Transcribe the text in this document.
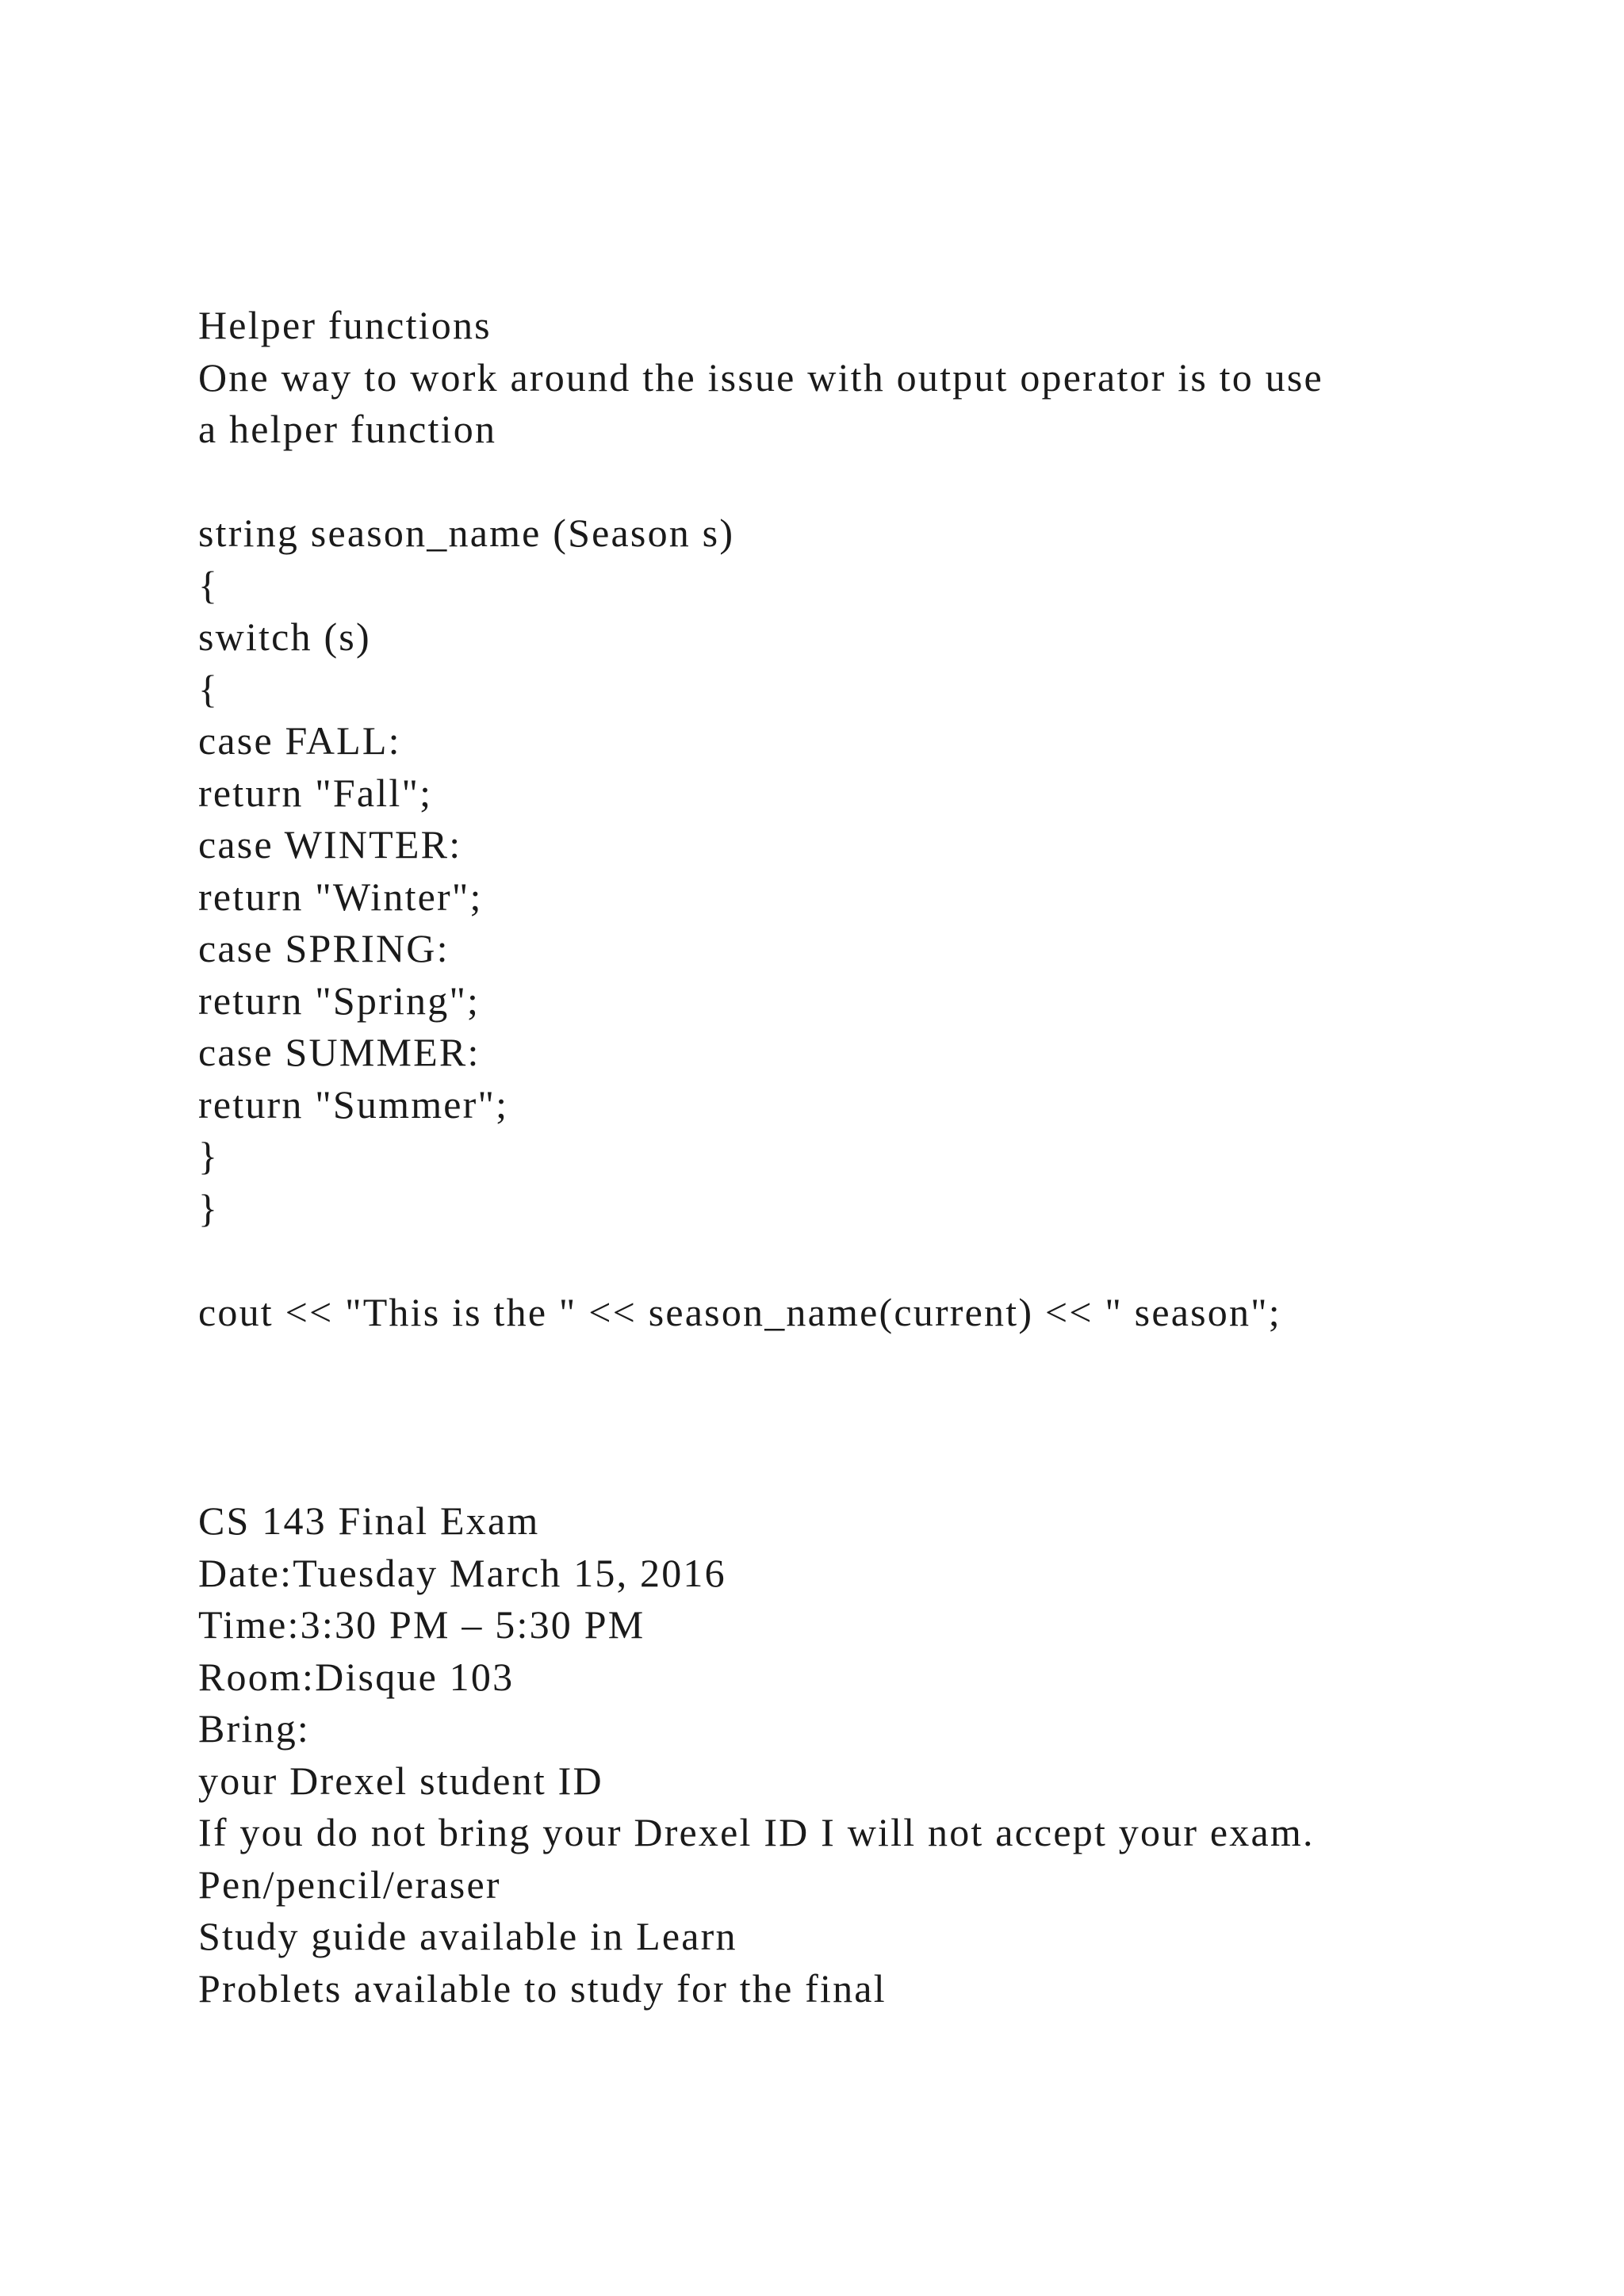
Helper functions
One way to work around the issue with output operator is to use
a helper function
string season_name (Season s)
{
switch (s)
{
case FALL:
return "Fall";
case WINTER:
return "Winter";
case SPRING:
return "Spring";
case SUMMER:
return "Summer";
}
}
cout << "This is the " << season_name(current) << " season";
CS 143 Final Exam
Date:Tuesday March 15, 2016
Time:3:30 PM – 5:30 PM
Room:Disque 103
Bring:
your Drexel student ID
If you do not bring your Drexel ID I will not accept your exam.
Pen/pencil/eraser
Study guide available in Learn
Problets available to study for the final
